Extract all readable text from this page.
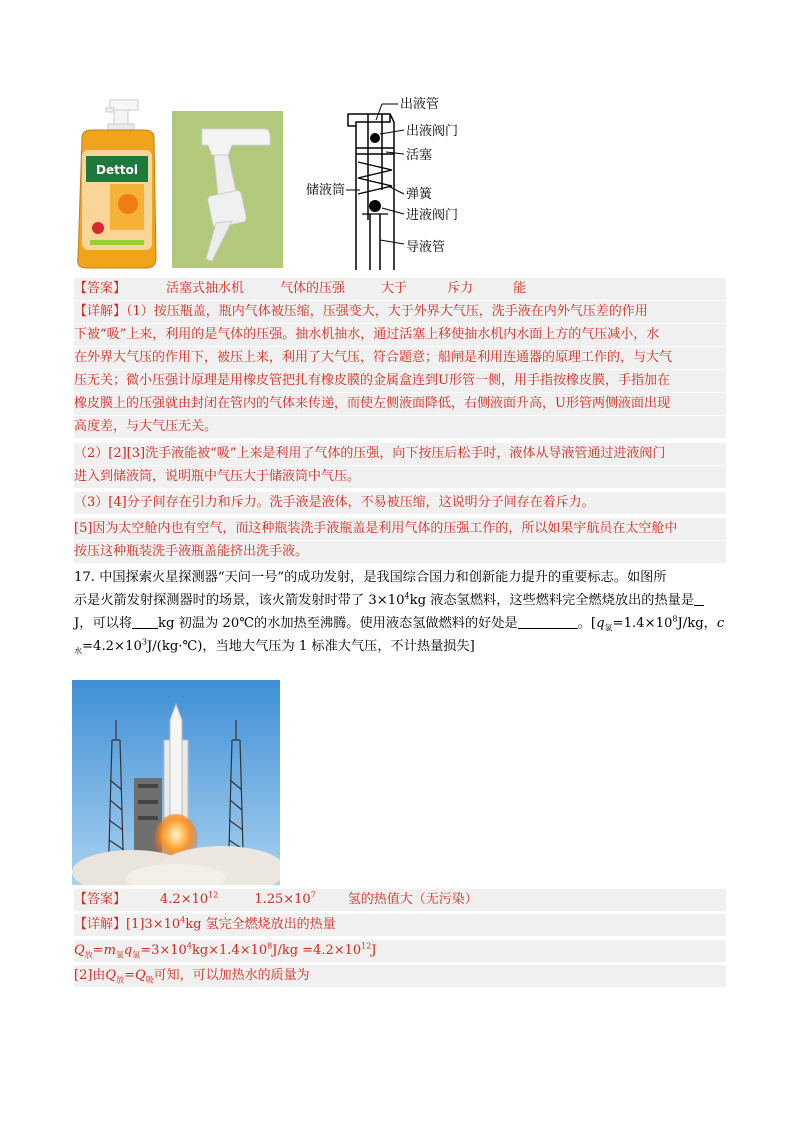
Dettol
出液管
出液阀门
活塞
储液筒	弹簧
进液阀门
导液管
【答案】	活塞式抽水机	气体的压强	大于	斥力	能
【详解】（1）按压瓶盖，瓶内气体被压缩，压强变大，大于外界大气压，洗手液在内外气压差的作用
下被“吸”上来，利用的是气体的压强。抽水机抽水，通过活塞上移使抽水机内水面上方的气压减小，水
在外界大气压的作用下，被压上来，利用了大气压，符合题意；船闸是利用连通器的原理工作的，与大气
压无关；微小压强计原理是用橡皮管把扎有橡皮膜的金属盒连到U形管一侧，用手指按橡皮膜，手指加在
橡皮膜上的压强就由封闭在管内的气体来传递，而使左侧液面降低，右侧液面升高，U形管两侧液面出现
高度差，与大气压无关。
（2）[2][3]洗手液能被“吸”上来是利用了气体的压强，向下按压后松手时，液体从导液管通过进液阀门
进入到储液筒，说明瓶中气压大于储液筒中气压。
（3）[4]分子间存在引力和斥力。洗手液是液体，不易被压缩，这说明分子间存在着斥力。
[5]因为太空舱内也有空气，而这种瓶装洗手液瓶盖是利用气体的压强工作的，所以如果宇航员在太空舱中
按压这种瓶装洗手液瓶盖能挤出洗手液。
17. 中国探索火星探测器“天问一号”的成功发射，是我国综合国力和创新能力提升的重要标志。如图所
示是火箭发射探测器时的场景，该火箭发射时带了 $3\times 10^4kg$ 液态氢燃料，这些燃料完全燃烧放出的热量是
J，可以将 kg 初温为 20℃的水加热至沸腾。使用液态氢做燃料的好处是	。[$q_氢=1.4\times 10^8J/kg$，c
$_水=4.2\times 10^3J/(kg\cdot℃)$，当地大气压为 1 标准大气压，不计热量损失]
【答案】	$4.2\times 10^{12}$	$1.25\times 10^7$ 氢的热值大（无污染）
【详解】$[1]3\times 10^4kg$ 氢完全燃烧放出的热量
$Q_放=m_氢q_氢=3\times 10^4kg\times 1.4\times 10^8J/kg =4.2\times 10^{12}J$
[2]由$Q_放=Q_吸$可知，可以加热水的质量为
